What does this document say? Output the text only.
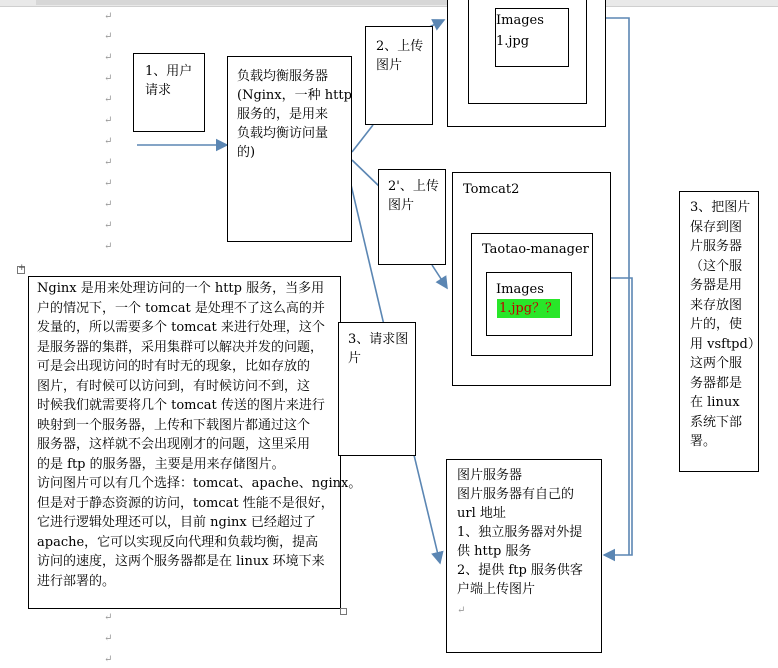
↵
↵
↵
↵
↵
↵
↵
↵
↵
↵
↵
↵
↵
↵
↵
1、用户
请求
负载均衡服务器
(Nginx，一种 http
服务的，是用来
负载均衡访问量
的)
2、上传
图片
Images
1.jpg
2'、上传
图片
Tomcat2
Taotao-manager
Images
1.jpg？？
+
Nginx 是用来处理访问的一个 http 服务，当多用
户的情况下，一个 tomcat 是处理不了这么高的并
发量的，所以需要多个 tomcat 来进行处理，这个
是服务器的集群，采用集群可以解决并发的问题，
可是会出现访问的时有时无的现象，比如存放的
图片，有时候可以访问到，有时候访问不到，这
时候我们就需要将几个 tomcat 传送的图片来进行
映射到一个服务器，上传和下载图片都通过这个
服务器，这样就不会出现刚才的问题，这里采用
的是 ftp 的服务器，主要是用来存储图片。
访问图片可以有几个选择：tomcat、apache、nginx。
但是对于静态资源的访问，tomcat 性能不是很好，
它进行逻辑处理还可以，目前 nginx 已经超过了
apache，它可以实现反向代理和负载均衡，提高
访问的速度，这两个服务器都是在 linux 环境下来
进行部署的。
3、请求图
片
图片服务器
图片服务器有自己的
url 地址
1、独立服务器对外提
供 http 服务
2、提供 ftp 服务供客
户端上传图片
↵
3、把图片
保存到图
片服务器
（这个服
务器是用
来存放图
片的，使
用 vsftpd）
这两个服
务器都是
在 linux
系统下部
署。
